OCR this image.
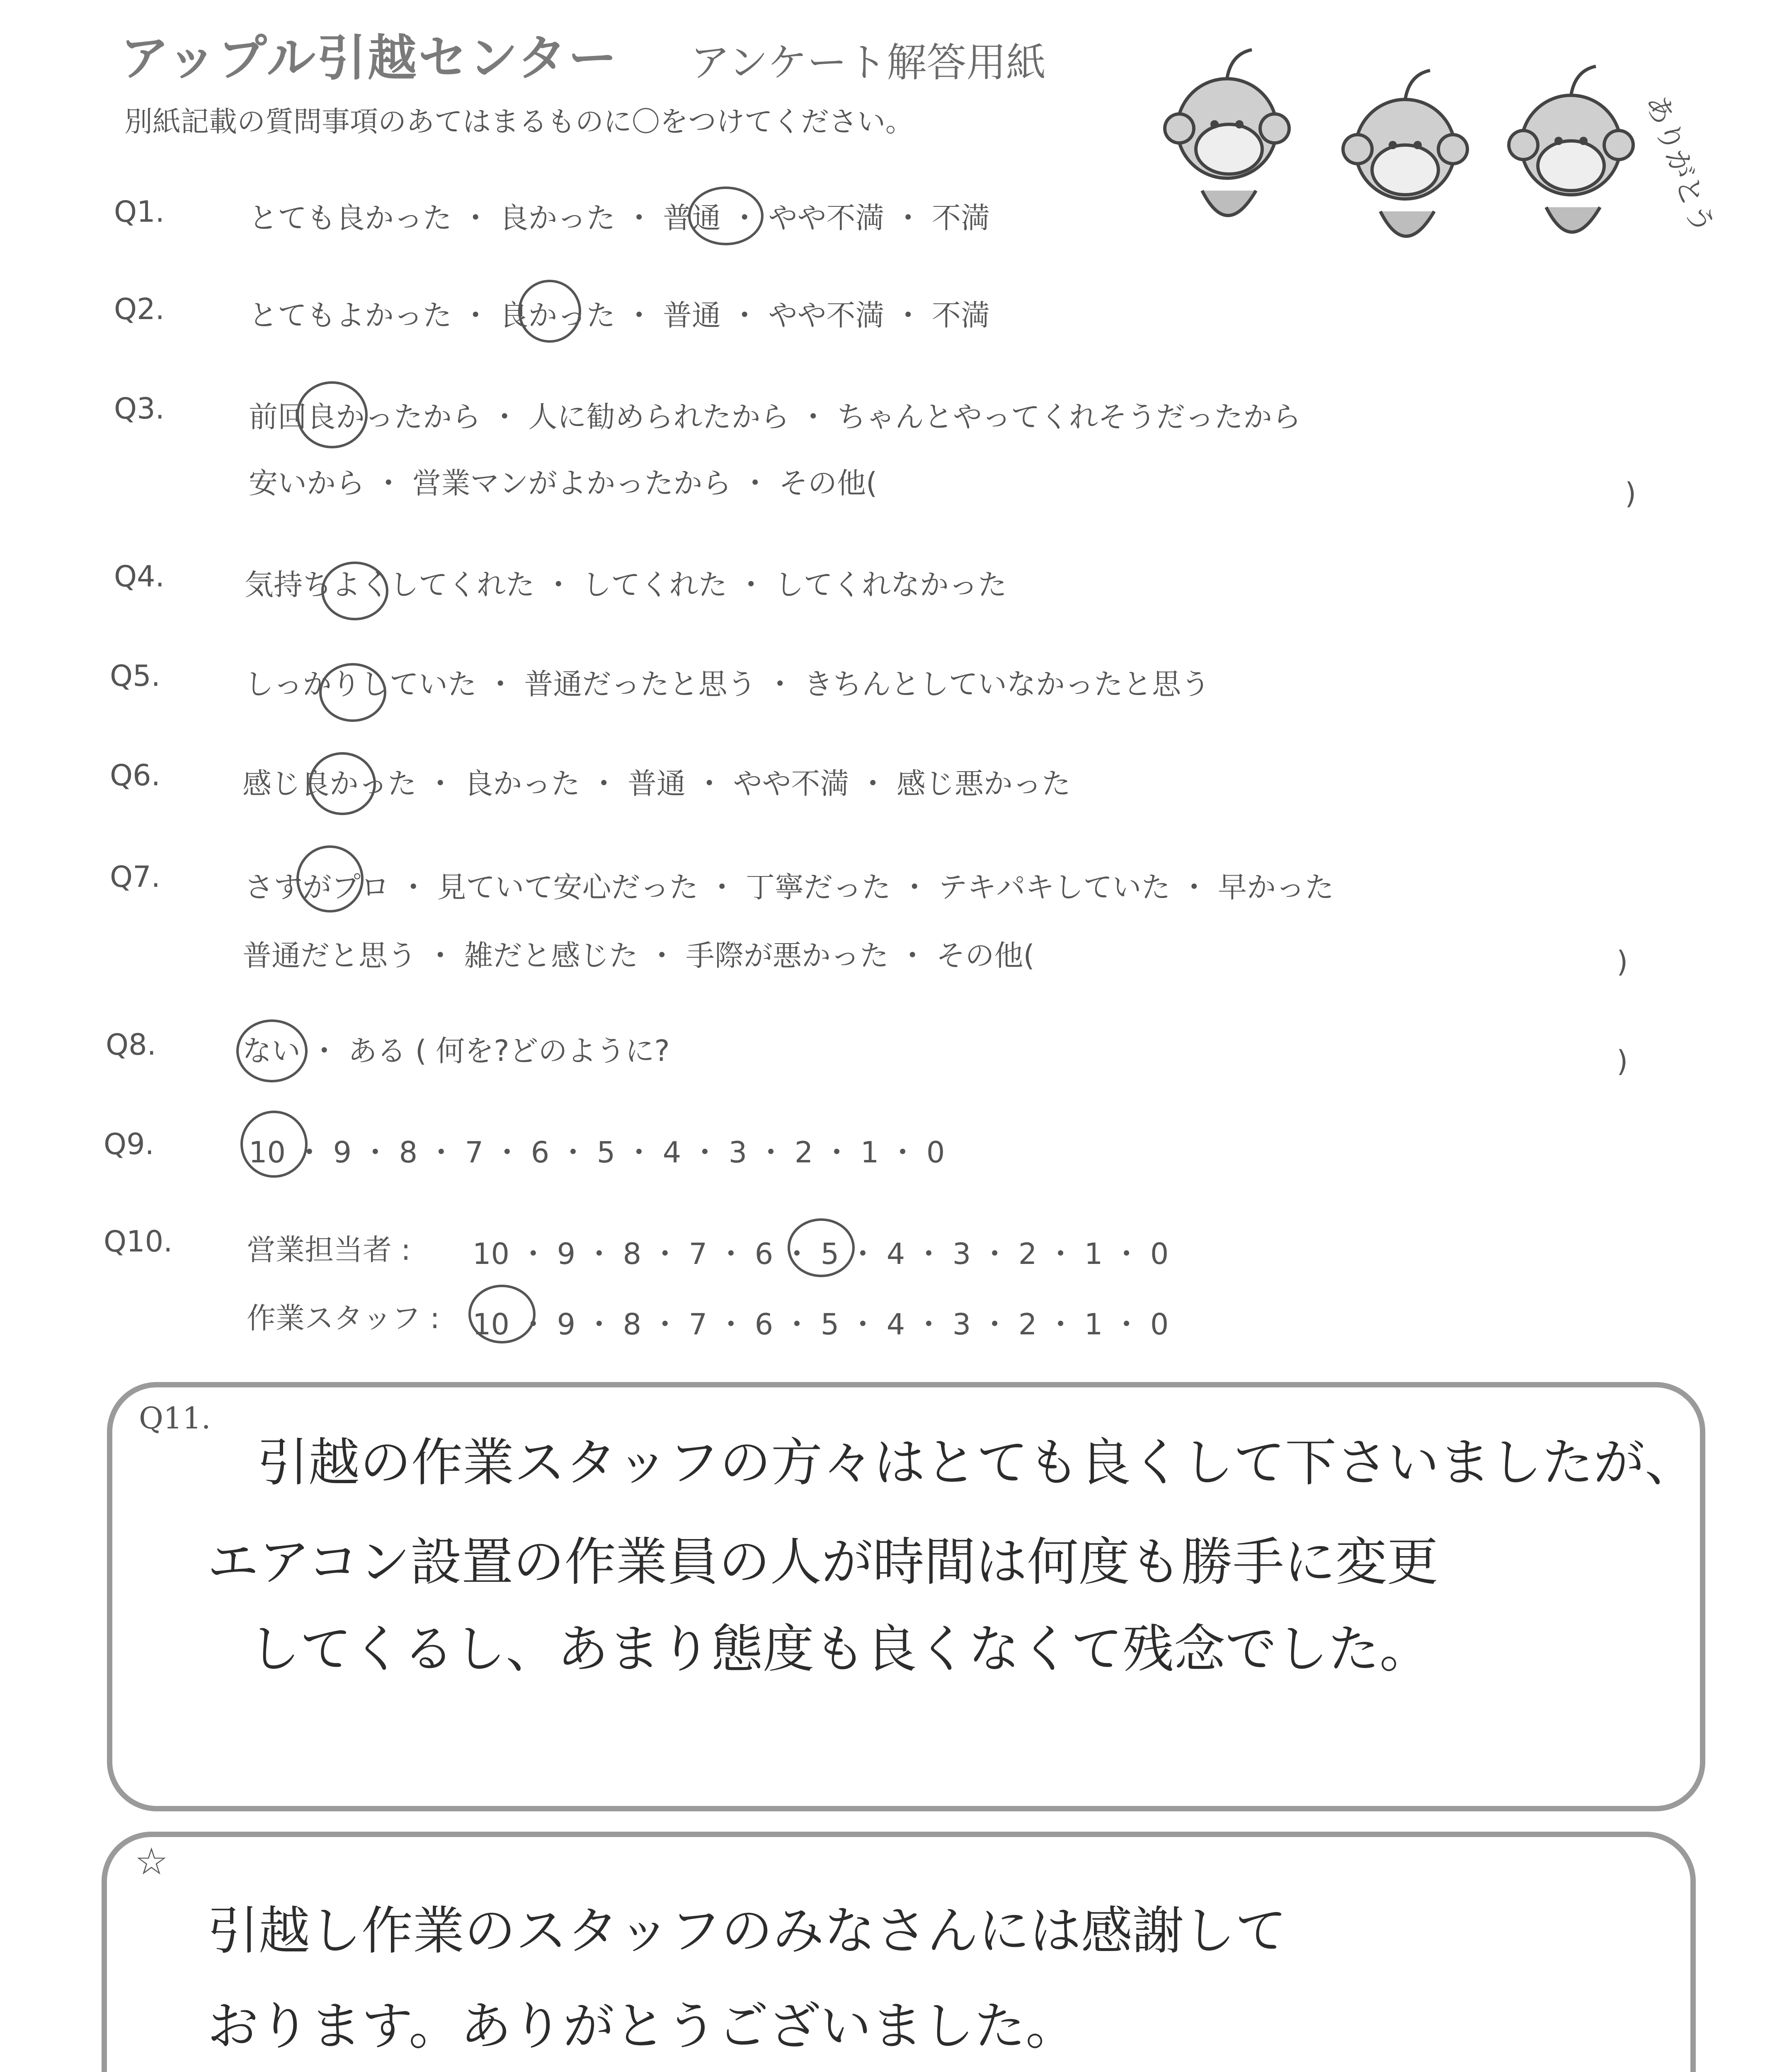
アップル引越センター アンケート解答用紙
別紙記載の質問事項のあてはまるものに〇をつけてください。	ありがとう
Q1.	とても良かった ・ 良かった ・ 普通 ・ やや不満 ・ 不満
Q2.	とてもよかった ・ 良かった ・ 普通 ・ やや不満 ・ 不満
Q3.	前回良かったから ・ 人に勧められたから ・ ちゃんとやってくれそうだったから
安いから ・ 営業マンがよかったから ・ その他(	)
Q4.	気持ちよくしてくれた ・ してくれた ・ してくれなかった
Q5.	しっかりしていた ・ 普通だったと思う ・ きちんとしていなかったと思う
Q6.	感じ良かった ・ 良かった ・ 普通 ・ やや不満 ・ 感じ悪かった
Q7.	さすがプロ ・ 見ていて安心だった ・ 丁寧だった ・ テキパキしていた ・ 早かった
普通だと思う ・ 雑だと感じた ・ 手際が悪かった ・ その他(	)
Q8.	ない ・ ある ( 何を?どのように?	)
Q9.	10 ・ 9 ・ 8 ・ 7 ・ 6 ・ 5 ・ 4 ・ 3 ・ 2 ・ 1 ・ 0
Q10.	営業担当者 : 10 ・ 9 ・ 8 ・ 7 ・ 6 ・ 5 ・ 4 ・ 3 ・ 2 ・ 1 ・ 0
作業スタッフ : 10 ・ 9 ・ 8 ・ 7 ・ 6 ・ 5 ・ 4 ・ 3 ・ 2 ・ 1 ・ 0
Q11.
引越の作業スタッフの方々はとても良くして下さいましたが、
エアコン設置の作業員の人が時間は何度も勝手に変更
してくるし、あまり態度も良くなくて残念でした。
☆
引越し作業のスタッフのみなさんには感謝して
おります。ありがとうございました。
